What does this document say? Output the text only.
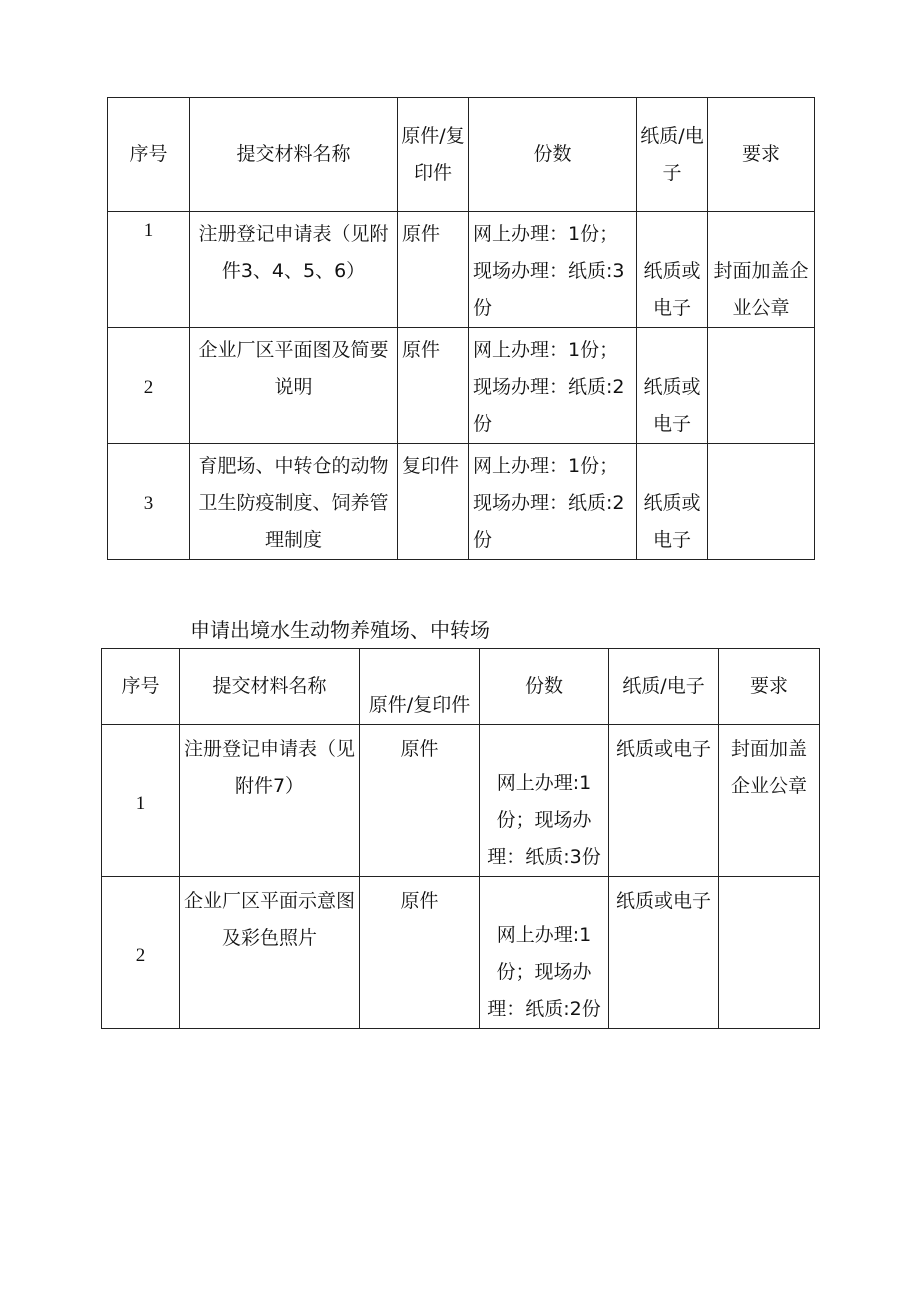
序号	提交材料名称	原件/复印件	份数	纸质/电子	要求
1	注册登记申请表（见附件3、4、5、6）	原件	网上办理：1份；现场办理：纸质:3份	纸质或电子	封面加盖企业公章
2	企业厂区平面图及简要说明	原件	网上办理：1份；现场办理：纸质:2份	纸质或电子	
3	育肥场、中转仓的动物卫生防疫制度、饲养管理制度	复印件	网上办理：1份；现场办理：纸质:2份	纸质或电子	
申请出境水生动物养殖场、中转场
序号	提交材料名称	原件/复印件	份数	纸质/电子	要求
1	注册登记申请表（见附件7）	原件	网上办理:1份；现场办理：纸质:3份	纸质或电子	封面加盖企业公章
2	企业厂区平面示意图及彩色照片	原件	网上办理:1份；现场办理：纸质:2份	纸质或电子	
